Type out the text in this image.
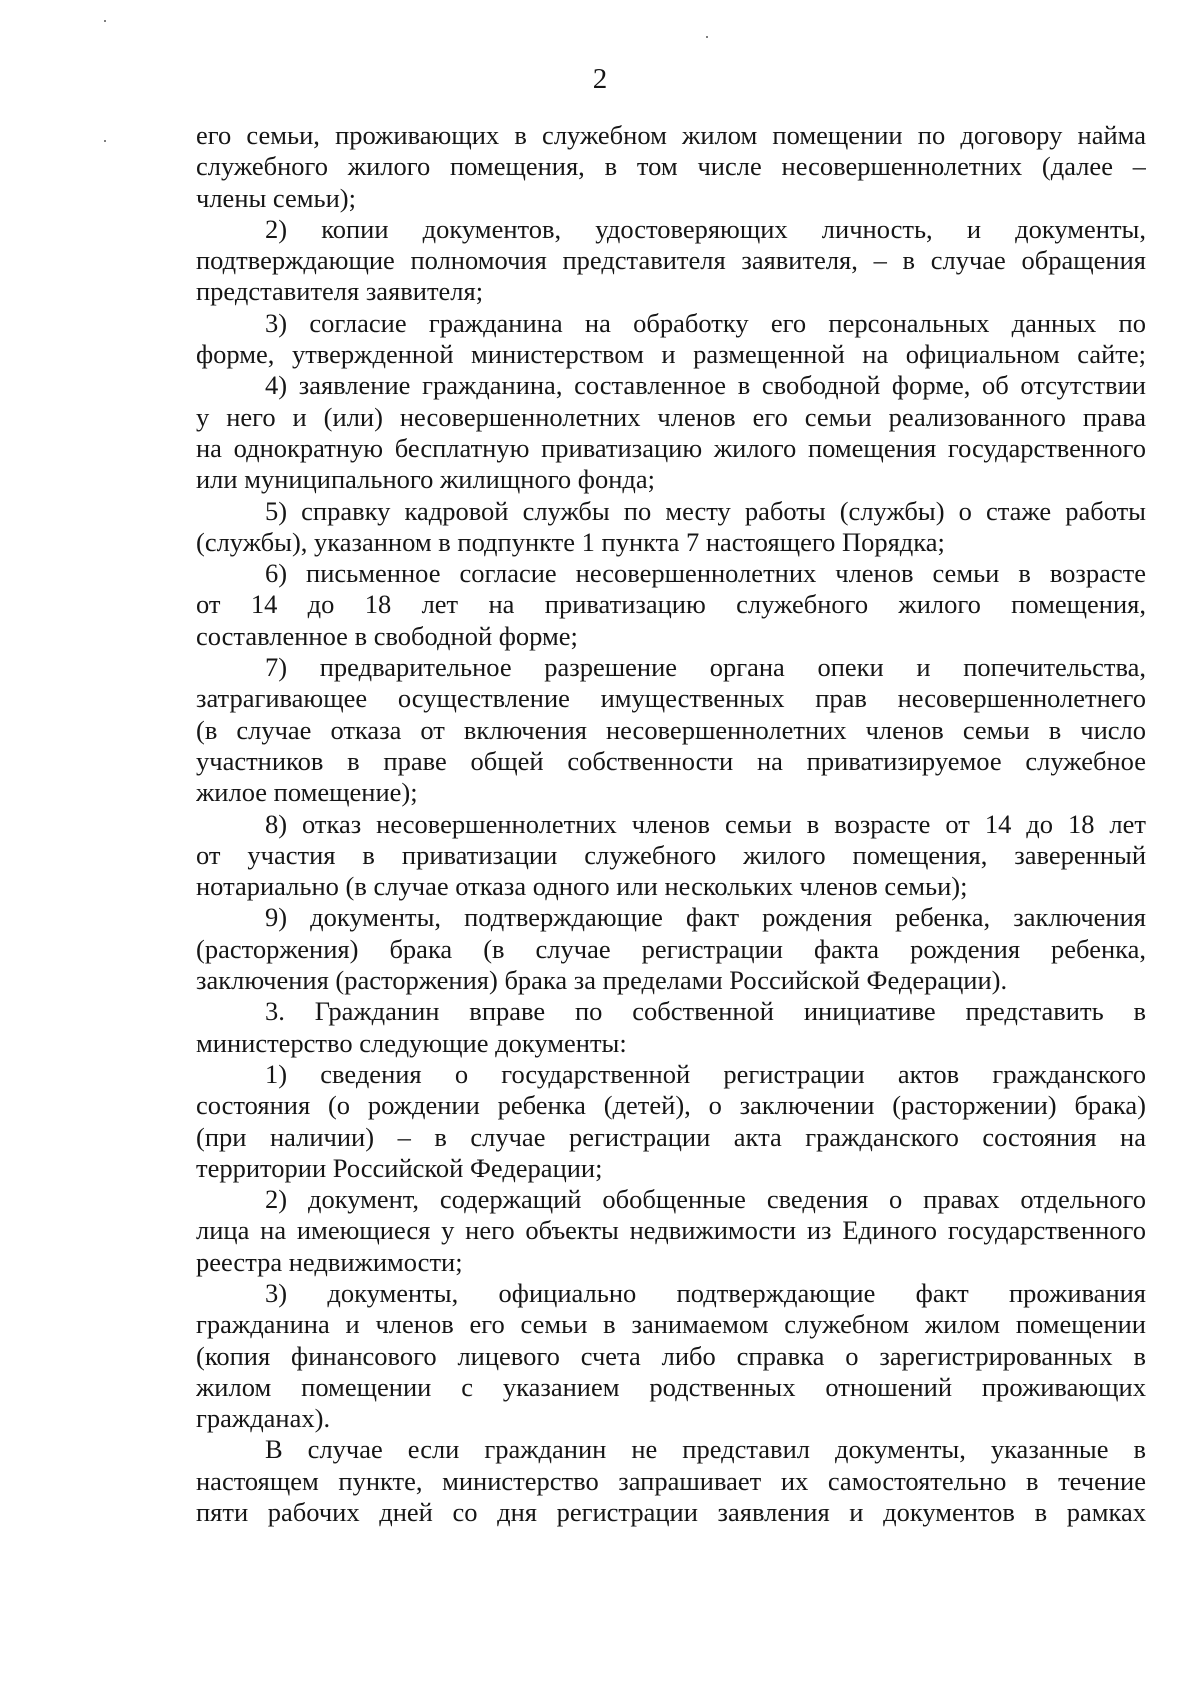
2
его семьи, проживающих в служебном жилом помещении по договору найма
служебного жилого помещения, в том числе несовершеннолетних (далее –
члены семьи);
2) копии документов, удостоверяющих личность, и документы,
подтверждающие полномочия представителя заявителя, – в случае обращения
представителя заявителя;
3) согласие гражданина на обработку его персональных данных по
форме, утвержденной министерством и размещенной на официальном сайте;
4) заявление гражданина, составленное в свободной форме, об отсутствии
у него и (или) несовершеннолетних членов его семьи реализованного права
на однократную бесплатную приватизацию жилого помещения государственного
или муниципального жилищного фонда;
5) справку кадровой службы по месту работы (службы) о стаже работы
(службы), указанном в подпункте 1 пункта 7 настоящего Порядка;
6) письменное согласие несовершеннолетних членов семьи в возрасте
от 14 до 18 лет на приватизацию служебного жилого помещения,
составленное в свободной форме;
7) предварительное разрешение органа опеки и попечительства,
затрагивающее осуществление имущественных прав несовершеннолетнего
(в случае отказа от включения несовершеннолетних членов семьи в число
участников в праве общей собственности на приватизируемое служебное
жилое помещение);
8) отказ несовершеннолетних членов семьи в возрасте от 14 до 18 лет
от участия в приватизации служебного жилого помещения, заверенный
нотариально (в случае отказа одного или нескольких членов семьи);
9) документы, подтверждающие факт рождения ребенка, заключения
(расторжения) брака (в случае регистрации факта рождения ребенка,
заключения (расторжения) брака за пределами Российской Федерации).
3. Гражданин вправе по собственной инициативе представить в
министерство следующие документы:
1) сведения о государственной регистрации актов гражданского
состояния (о рождении ребенка (детей), о заключении (расторжении) брака)
(при наличии) – в случае регистрации акта гражданского состояния на
территории Российской Федерации;
2) документ, содержащий обобщенные сведения о правах отдельного
лица на имеющиеся у него объекты недвижимости из Единого государственного
реестра недвижимости;
3) документы, официально подтверждающие факт проживания
гражданина и членов его семьи в занимаемом служебном жилом помещении
(копия финансового лицевого счета либо справка о зарегистрированных в
жилом помещении с указанием родственных отношений проживающих
гражданах).
В случае если гражданин не представил документы, указанные в
настоящем пункте, министерство запрашивает их самостоятельно в течение
пяти рабочих дней со дня регистрации заявления и документов в рамках
